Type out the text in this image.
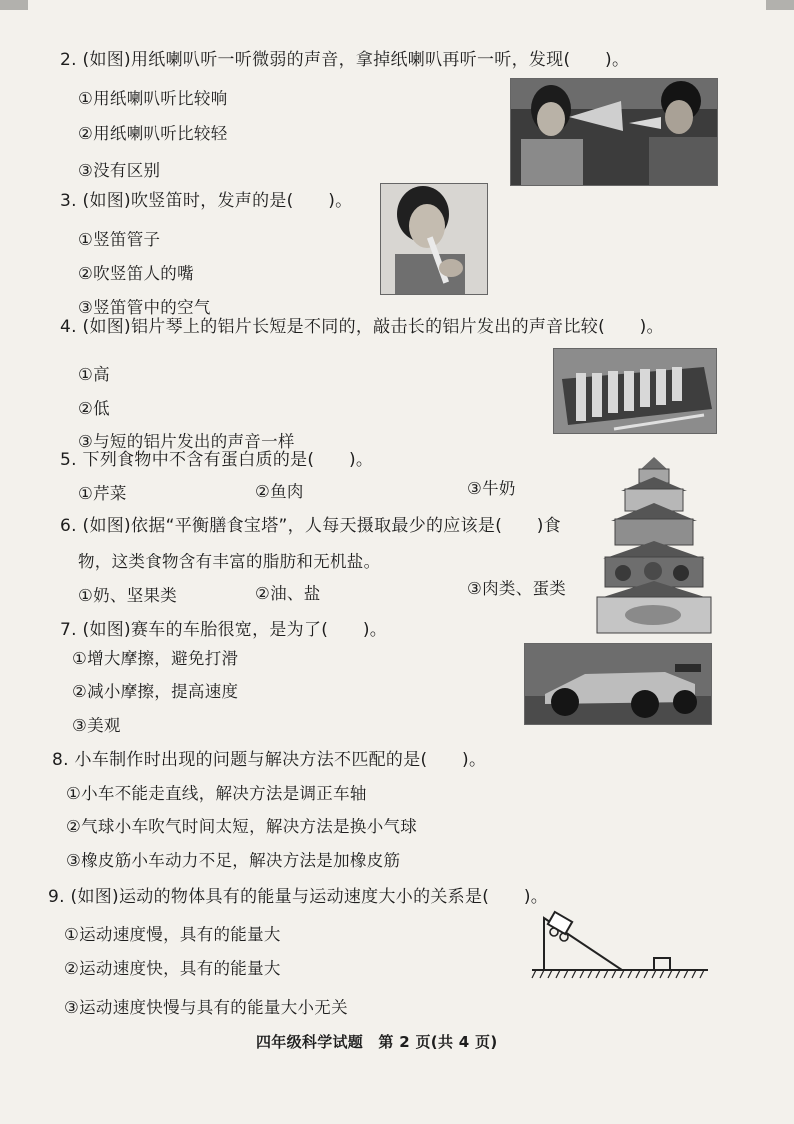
2. (如图)用纸喇叭听一听微弱的声音，拿掉纸喇叭再听一听，发现(　　)。
①用纸喇叭听比较响
②用纸喇叭听比较轻
③没有区别
3. (如图)吹竖笛时，发声的是(　　)。
①竖笛管子
②吹竖笛人的嘴
③竖笛管中的空气
4. (如图)铝片琴上的铝片长短是不同的，敲击长的铝片发出的声音比较(　　)。
①高
②低
③与短的铝片发出的声音一样
5. 下列食物中不含有蛋白质的是(　　)。
①芹菜	②鱼肉	③牛奶
6. (如图)依据“平衡膳食宝塔”，人每天摄取最少的应该是(　　)食
物，这类食物含有丰富的脂肪和无机盐。
①奶、坚果类	②油、盐	③肉类、蛋类
7. (如图)赛车的车胎很宽，是为了(　　)。
①增大摩擦，避免打滑
②减小摩擦，提高速度
③美观
8. 小车制作时出现的问题与解决方法不匹配的是(　　)。
①小车不能走直线，解决方法是调正车轴
②气球小车吹气时间太短，解决方法是换小气球
③橡皮筋小车动力不足，解决方法是加橡皮筋
9. (如图)运动的物体具有的能量与运动速度大小的关系是(　　)。
①运动速度慢，具有的能量大
②运动速度快，具有的能量大
③运动速度快慢与具有的能量大小无关
四年级科学试题　第 2 页(共 4 页)
